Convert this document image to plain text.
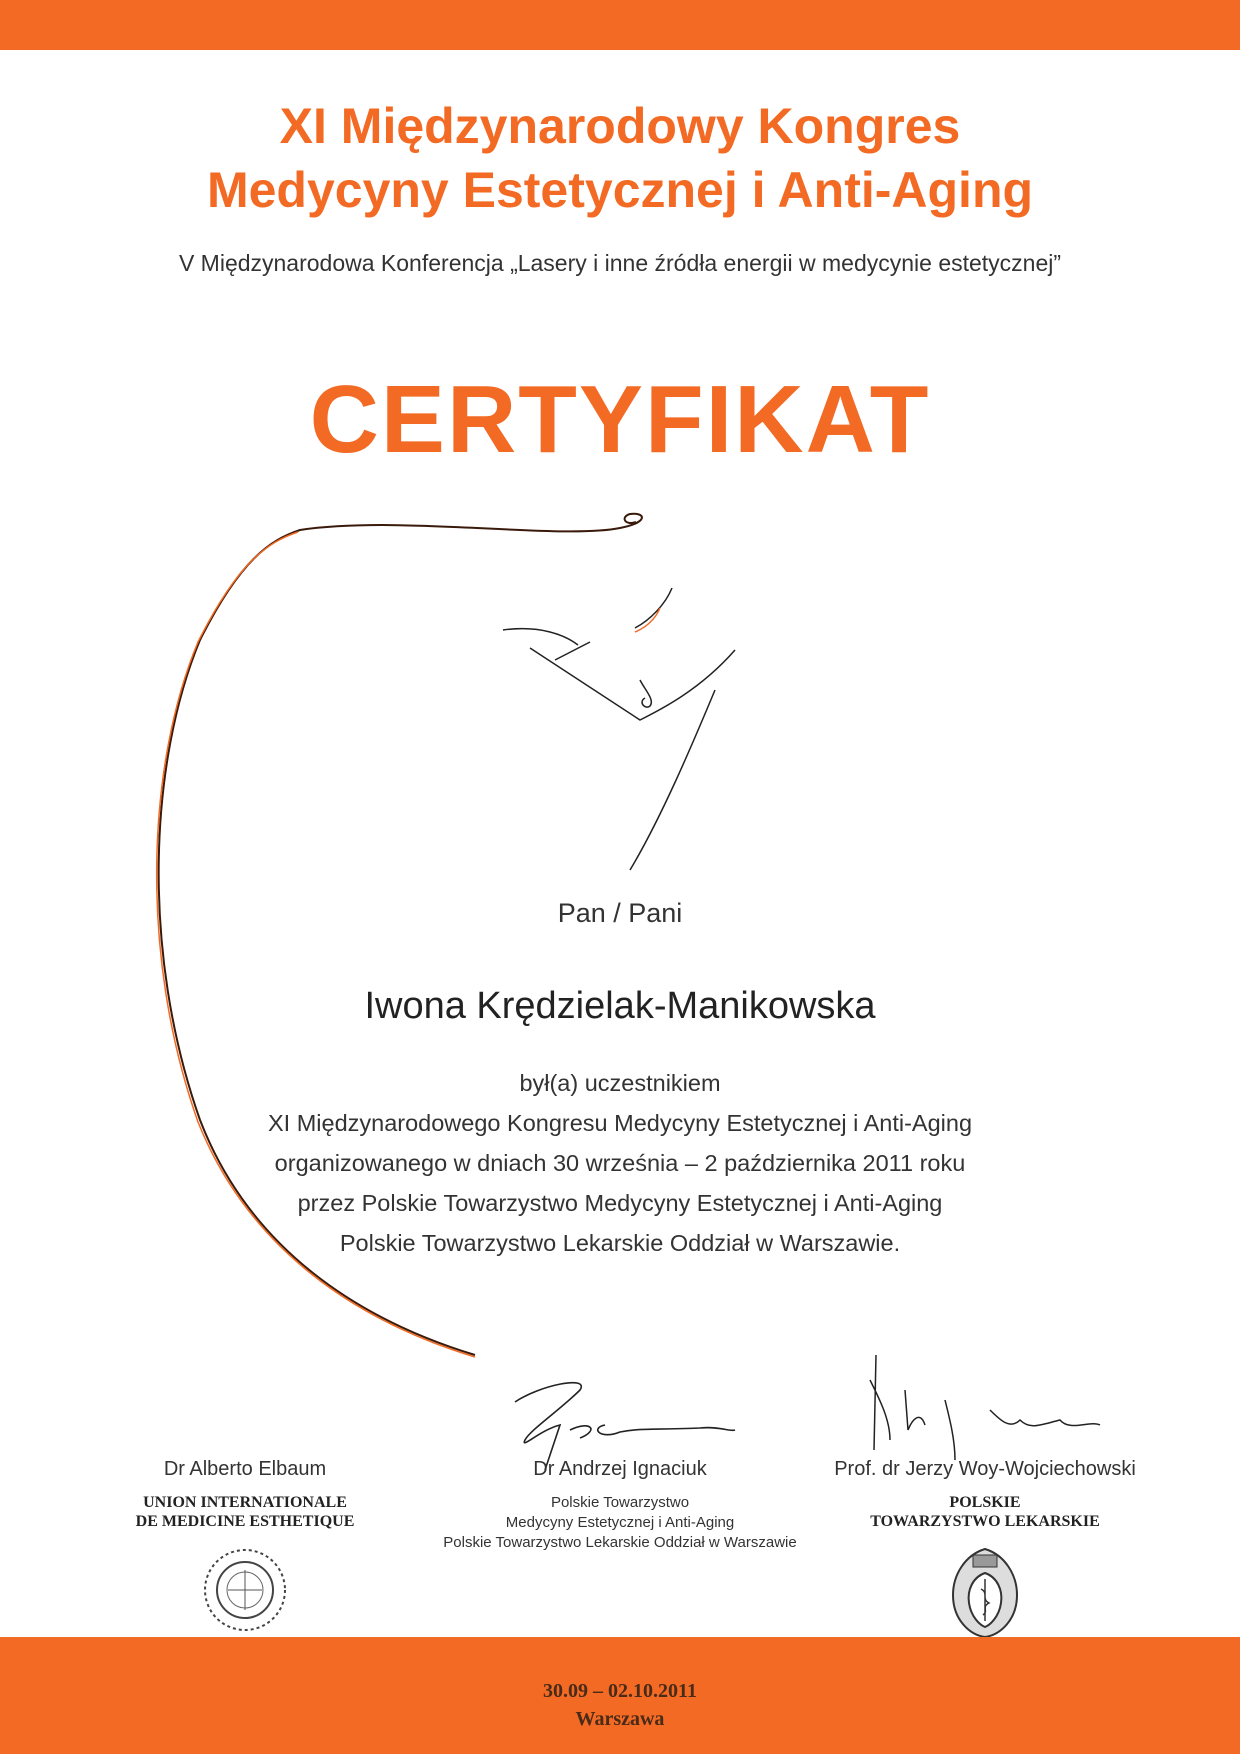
XI Międzynarodowy Kongres
Medycyny Estetycznej i Anti-Aging
V Międzynarodowa Konferencja „Lasery i inne źródła energii w medycynie estetycznej”
CERTYFIKAT
Pan / Pani
Iwona Krędzielak-Manikowska
był(a) uczestnikiem
XI Międzynarodowego Kongresu Medycyny Estetycznej i Anti-Aging
organizowanego w dniach 30 września – 2 października 2011 roku
przez Polskie Towarzystwo Medycyny Estetycznej i Anti-Aging
Polskie Towarzystwo Lekarskie Oddział w Warszawie.
Dr Alberto Elbaum
UNION INTERNATIONALE
DE MEDICINE ESTHETIQUE
Dr Andrzej Ignaciuk
Polskie Towarzystwo
Medycyny Estetycznej i Anti-Aging
Polskie Towarzystwo Lekarskie Oddział w Warszawie
Prof. dr Jerzy Woy-Wojciechowski
POLSKIE
TOWARZYSTWO LEKARSKIE
30.09 – 02.10.2011
Warszawa
